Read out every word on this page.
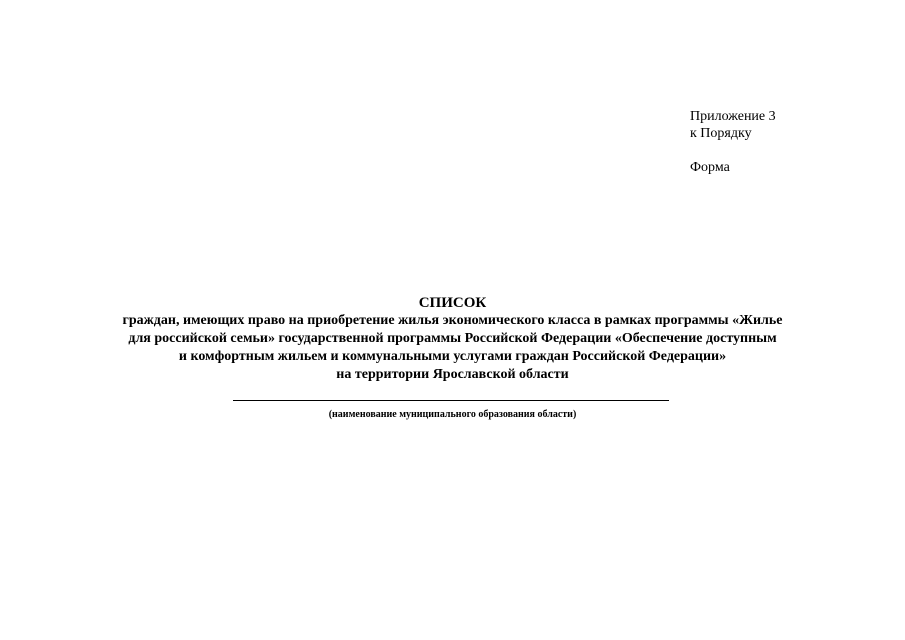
Приложение 3
к Порядку
Форма
СПИСОК
граждан, имеющих право на приобретение жилья экономического класса в рамках программы «Жилье
для российской семьи» государственной программы Российской Федерации «Обеспечение доступным
и комфортным жильем и коммунальными услугами граждан Российской Федерации»
на территории Ярославской области
(наименование муниципального образования области)
